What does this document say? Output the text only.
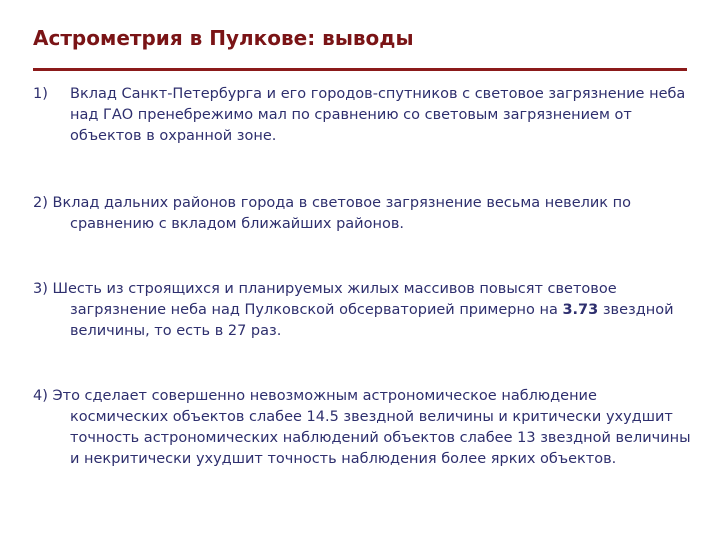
Астрометрия в Пулкове: выводы

1) Вклад Санкт-Петербурга и его городов-спутников с световое загрязнение неба над ГАО пренебрежимо мал по сравнению со световым загрязнением от объектов в охранной зоне.

2) Вклад дальних районов города в световое загрязнение весьма невелик по сравнению с вкладом ближайших районов.

3) Шесть из строящихся и планируемых жилых массивов повысят световое загрязнение неба над Пулковской обсерваторией примерно на 3.73 звездной величины, то есть в 27 раз.

4) Это сделает совершенно невозможным астрономическое наблюдение космических объектов слабее 14.5 звездной величины и критически ухудшит точность астрономических наблюдений объектов слабее 13 звездной величины и некритически ухудшит точность наблюдения более ярких объектов.
